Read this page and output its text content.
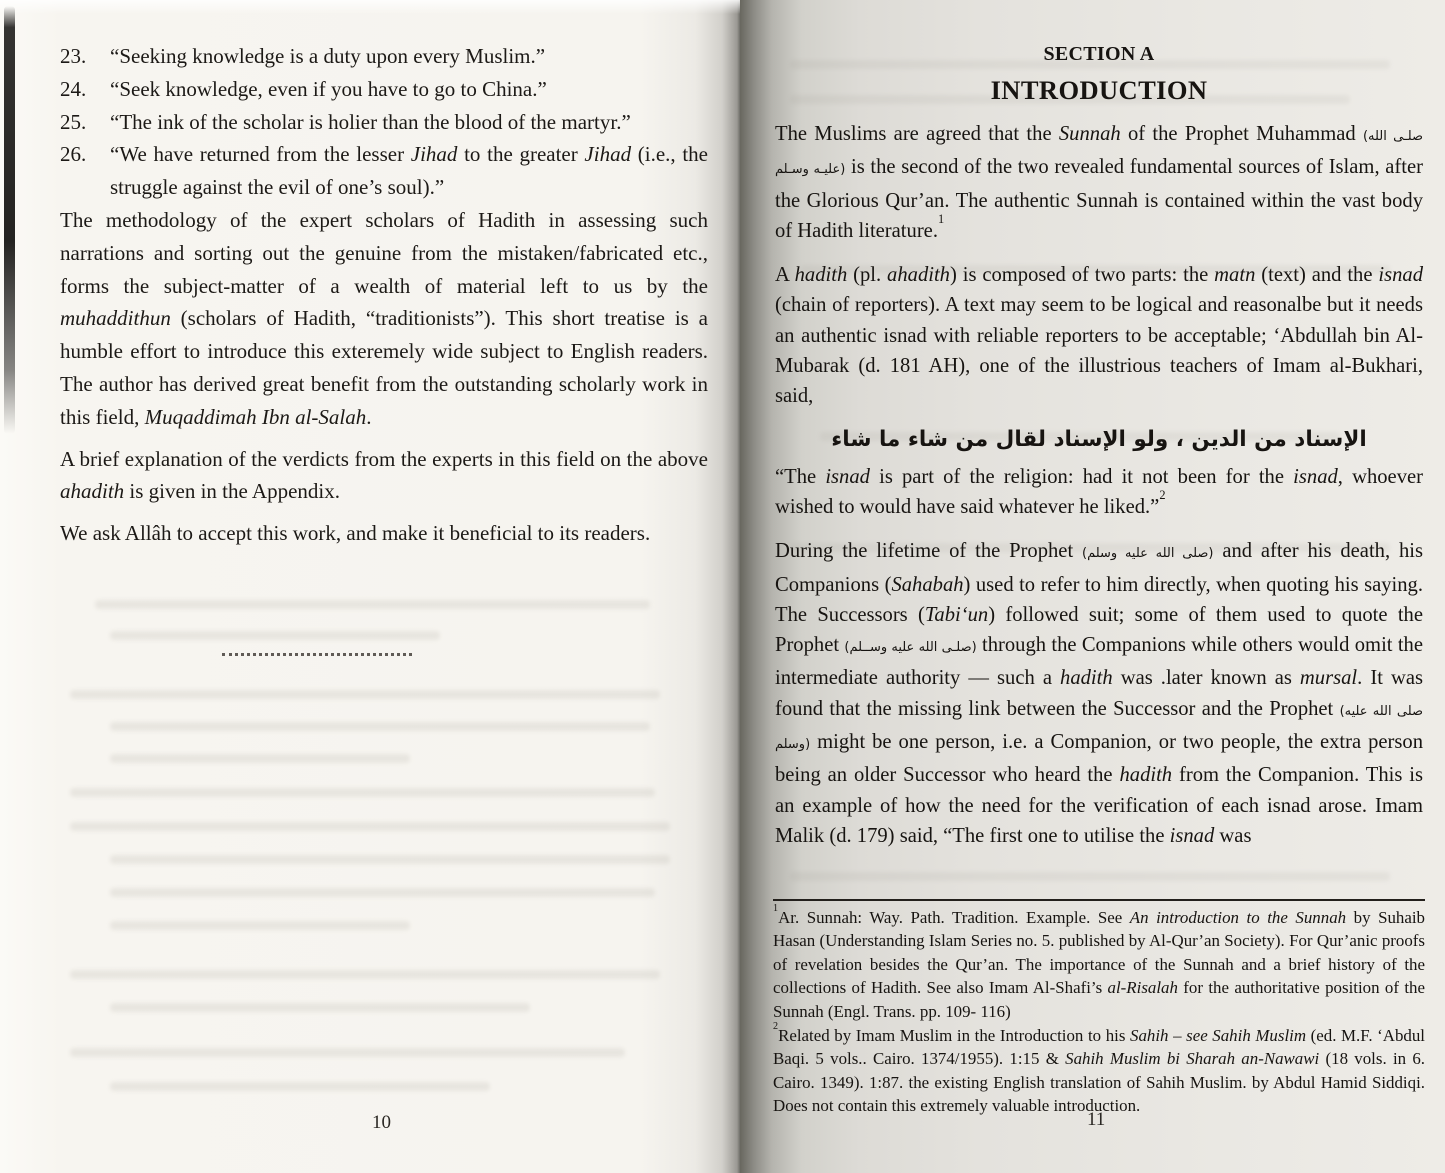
23. “Seeking knowledge is a duty upon every Muslim.”

24. “Seek knowledge, even if you have to go to China.”

25. “The ink of the scholar is holier than the blood of the martyr.”

26. “We have returned from the lesser Jihad to the greater Jihad (i.e., the struggle against the evil of one’s soul).”

The methodology of the expert scholars of Hadith in assessing such narrations and sorting out the genuine from the mistaken/fabricated etc., forms the subject-matter of a wealth of material left to us by the muhaddithun (scholars of Hadith, “traditionists”). This short treatise is a humble effort to introduce this exteremely wide subject to English readers. The author has derived great benefit from the outstanding scholarly work in this field, Muqaddimah Ibn al-Salah.

A brief explanation of the verdicts from the experts in this field on the above ahadith is given in the Appendix.

We ask Allâh to accept this work, and make it beneficial to its readers.

10
SECTION A
INTRODUCTION

The Muslims are agreed that the Sunnah of the Prophet Muhammad (صلـى الله عليـه وسـلم) is the second of the two revealed fundamental sources of Islam, after the Glorious Qur’an. The authentic Sunnah is contained within the vast body of Hadith literature.$^1$

A hadith (pl. ahadith) is composed of two parts: the matn (text) and the isnad (chain of reporters). A text may seem to be logical and reasonalbe but it needs an authentic isnad with reliable reporters to be acceptable; ‘Abdullah bin Al-Mubarak (d. 181 AH), one of the illustrious teachers of Imam al-Bukhari, said,

الإسناد من الدين ، ولو الإسناد لقال من شاء ما شاء

“The isnad is part of the religion: had it not been for the isnad, whoever wished to would have said whatever he liked.”$^2$

During the lifetime of the Prophet (صلى الله عليه وسلم) and after his death, his Companions (Sahabah) used to refer to him directly, when quoting his saying. The Successors (Tabi‘un) followed suit; some of them used to quote the Prophet (صلـى الله عليه وســلم) through the Companions while others would omit the intermediate authority — such a hadith was .later known as mursal. It was found that the missing link between the Successor and the Prophet (صلى الله عليه وسلم) might be one person, i.e. a Companion, or two people, the extra person being an older Successor who heard the hadith from the Companion. This is an example of how the need for the verification of each isnad arose. Imam Malik (d. 179) said, “The first one to utilise the isnad was

$^1$Ar. Sunnah: Way. Path. Tradition. Example. See An introduction to the Sunnah by Suhaib Hasan (Understanding Islam Series no. 5. published by Al-Qur’an Society). For Qur’anic proofs of revelation besides the Qur’an. The importance of the Sunnah and a brief history of the collections of Hadith. See also Imam Al-Shafi’s al-Risalah for the authoritative position of the Sunnah (Engl. Trans. pp. 109- 116)

$^2$Related by Imam Muslim in the Introduction to his Sahih – see Sahih Muslim (ed. M.F. ‘Abdul Baqi. 5 vols.. Cairo. 1374/1955). 1:15 & Sahih Muslim bi Sharah an-Nawawi (18 vols. in 6. Cairo. 1349). 1:87. the existing English translation of Sahih Muslim. by Abdul Hamid Siddiqi. Does not contain this extremely valuable introduction.

11
